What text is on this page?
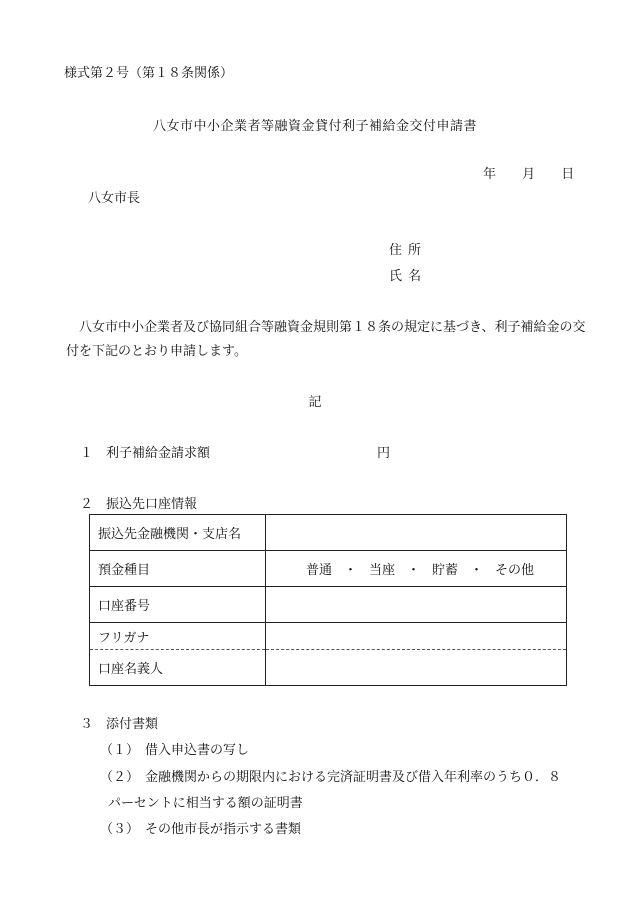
様式第２号（第１８条関係）
八女市中小企業者等融資金貸付利子補給金交付申請書
年 月 日
八女市長
住所
氏名
　八女市中小企業者及び協同組合等融資金規則第１８条の規定に基づき、利子補給金の交付を下記のとおり申請します。
記
１　利子補給金請求額	円
２　振込先口座情報
振込先金融機関・支店名	
預金種目	普通 ・ 当座 ・ 貯蓄 ・ その他
口座番号	
フリガナ	
口座名義人	
３　添付書類
（１） 借入申込書の写し
（２） 金融機関からの期限内における完済証明書及び借入年利率のうち０．８
パーセントに相当する額の証明書
（３） その他市長が指示する書類
